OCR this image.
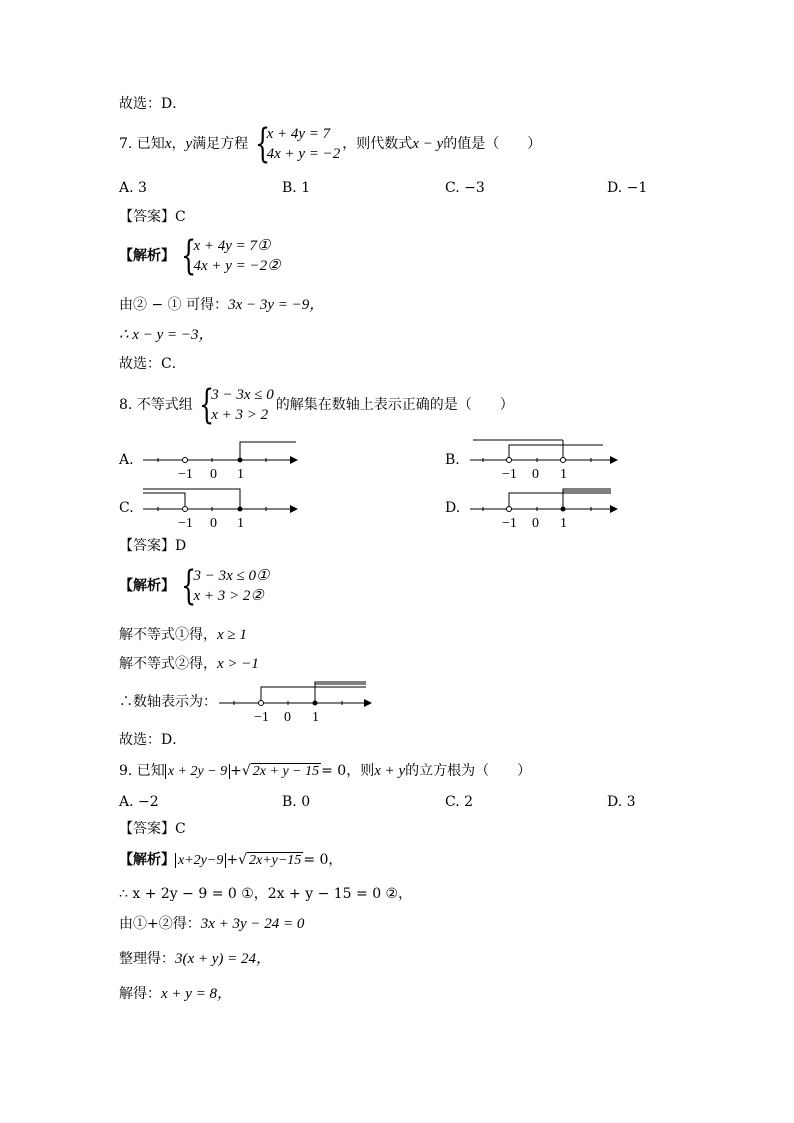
故选：D．
7. 已知x，y满足方程 {
x + 4y = 7
4x + y = −2
，则代数式x − y的值是（　　）
A. 3	B. 1	C. −3	D. −1
【答案】C
【解析】 {
x + 4y = 7①
4x + y = −2②
由② − ① 可得：3x − 3y = −9，
∴ x − y = −3，
故选：C．
8. 不等式组 {
3 − 3x ≤ 0
x + 3 > 2
的解集在数轴上表示正确的是（　　）
A.	B.
C.	D.
−1 0 1	−1 0 1
−1 0 1	−1 0 1
【答案】D
【解析】 {
3 − 3x ≤ 0①
x + 3 > 2②
解不等式①得，x ≥ 1
解不等式②得，x > −1
∴数轴表示为：
−1 0 1
故选：D．
9. 已知 x + 2y − 9 +√ 2x + y − 15 = 0，则x + y的立方根为（　　）
A. −2	B. 0	C. 2	D. 3
【答案】C
【解析】 x+2y−9 +√ 2x+y−15 = 0，
∴ x + 2y − 9 = 0 ①，2x + y − 15 = 0 ②，
由①+②得：3x + 3y − 24 = 0
整理得：3(x + y) = 24，
解得：x + y = 8，
